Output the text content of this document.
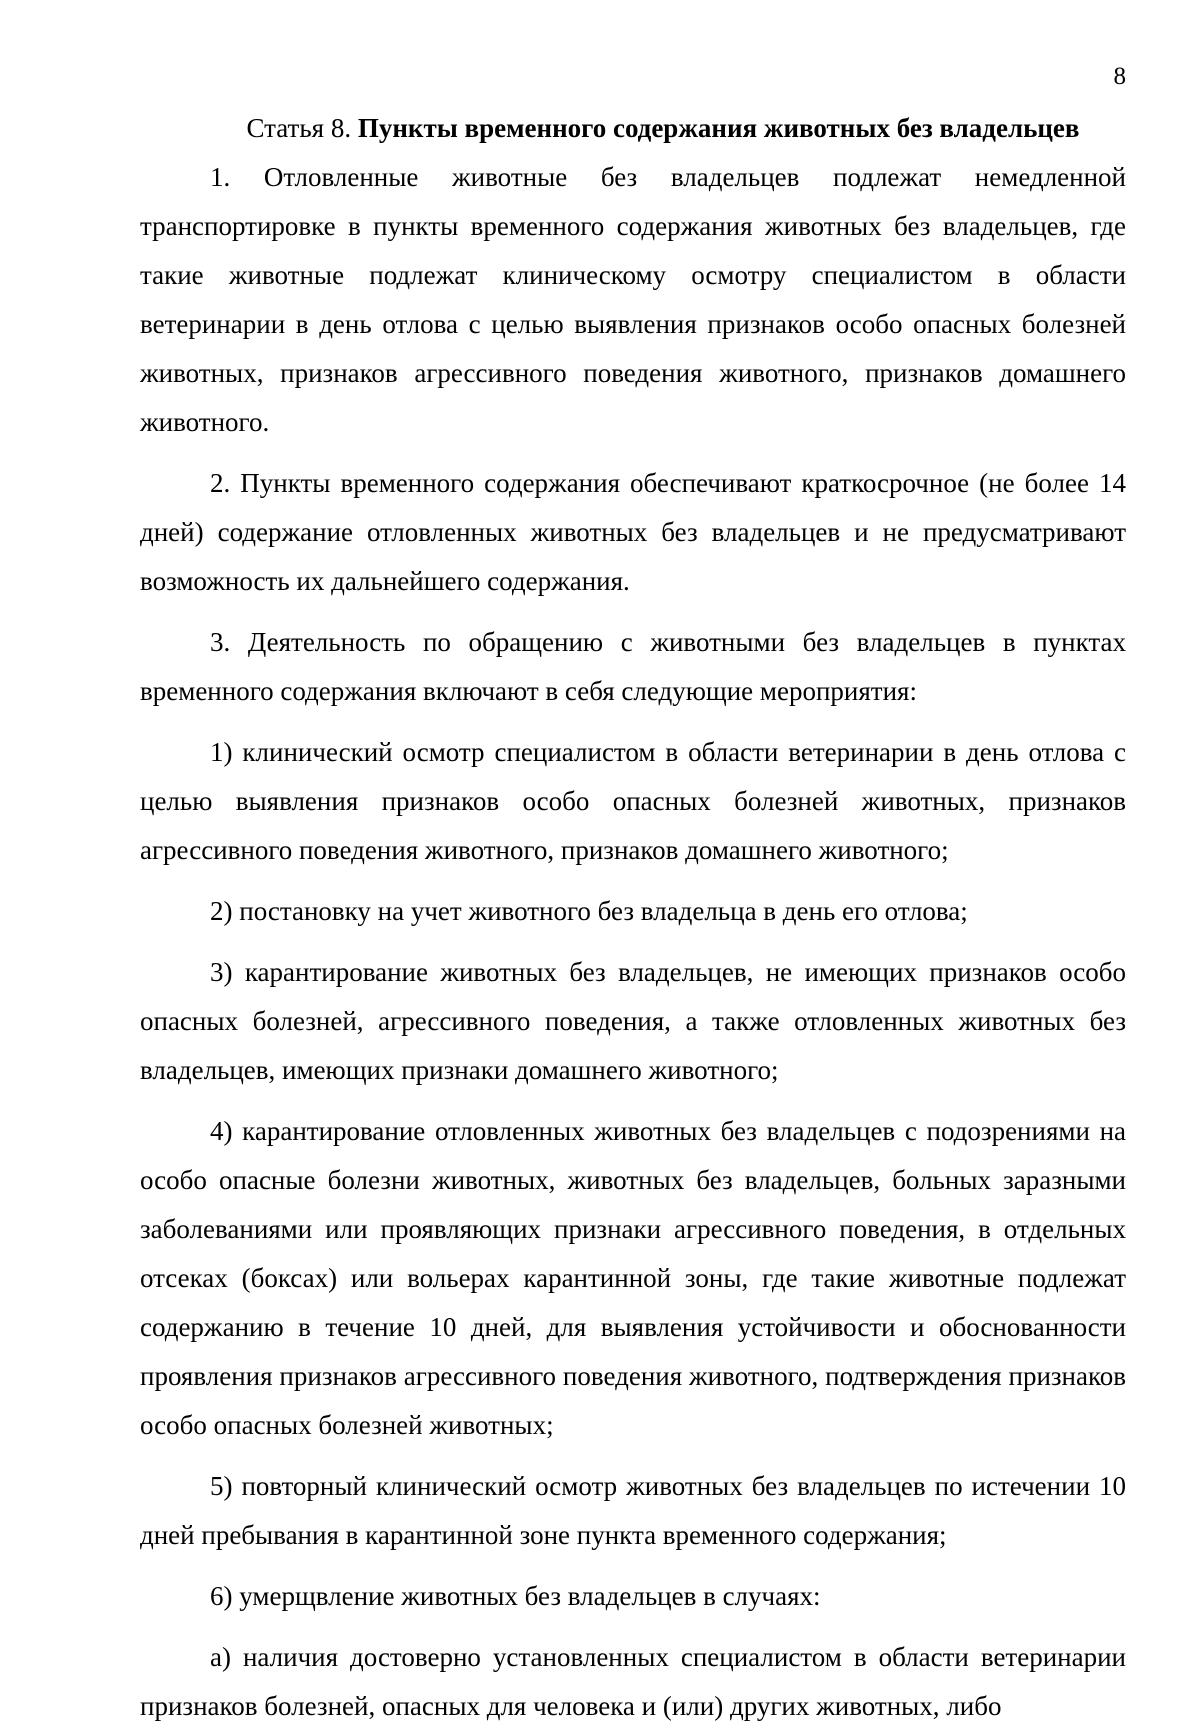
8
Статья 8. Пункты временного содержания животных без владельцев
1. Отловленные животные без владельцев подлежат немедленной транспортировке в пункты временного содержания животных без владельцев, где такие животные подлежат клиническому осмотру специалистом в области ветеринарии в день отлова с целью выявления признаков особо опасных болезней животных, признаков агрессивного поведения животного, признаков домашнего животного.
2. Пункты временного содержания обеспечивают краткосрочное (не более 14 дней) содержание отловленных животных без владельцев и не предусматривают возможность их дальнейшего содержания.
3. Деятельность по обращению с животными без владельцев в пунктах временного содержания включают в себя следующие мероприятия:
1) клинический осмотр специалистом в области ветеринарии в день отлова с целью выявления признаков особо опасных болезней животных, признаков агрессивного поведения животного, признаков домашнего животного;
2) постановку на учет животного без владельца в день его отлова;
3) карантирование животных без владельцев, не имеющих признаков особо опасных болезней, агрессивного поведения, а также отловленных животных без владельцев, имеющих признаки домашнего животного;
4) карантирование отловленных животных без владельцев с подозрениями на особо опасные болезни животных, животных без владельцев, больных заразными заболеваниями или проявляющих признаки агрессивного поведения, в отдельных отсеках (боксах) или вольерах карантинной зоны, где такие животные подлежат содержанию в течение 10 дней, для выявления устойчивости и обоснованности проявления признаков агрессивного поведения животного, подтверждения признаков особо опасных болезней животных;
5) повторный клинический осмотр животных без владельцев по истечении 10 дней пребывания в карантинной зоне пункта временного содержания;
6) умерщвление животных без владельцев в случаях:
а) наличия достоверно установленных специалистом в области ветеринарии признаков болезней, опасных для человека и (или) других животных, либо
